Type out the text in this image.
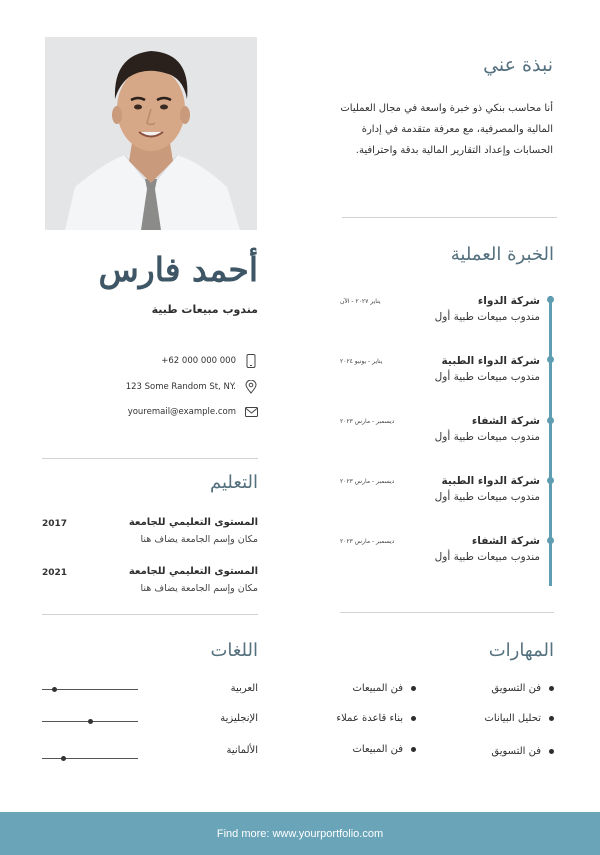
أحمد فارس
مندوب مبيعات طبية
+62 000 000 000
123 Some Random St, NY.
youremail@example.com
التعليم
2017	المستوى التعليمي للجامعة
مكان وإسم الجامعة يضاف هنا
2021	المستوى التعليمي للجامعة
مكان وإسم الجامعة يضاف هنا
نبذة عني
أنا محاسب بنكي ذو خبرة واسعة في مجال العمليات المالية والمصرفية، مع معرفة متقدمة في إدارة الحسابات وإعداد التقارير المالية بدقة واحترافية.
الخبرة العملية
يناير ٢٠٢٧ - الآن	شركة الدواء
مندوب مبيعات طبية أول
يناير - يونيو ٢٠٢٤	شركة الدواء الطبية
مندوب مبيعات طبية أول
ديسمبر - مارس ٢٠٢٣	شركة الشفاء
مندوب مبيعات طبية أول
ديسمبر - مارس ٢٠٢٣	شركة الدواء الطبية
مندوب مبيعات طبية أول
ديسمبر - مارس ٢٠٢٣	شركة الشفاء
مندوب مبيعات طبية أول
المهارات
فن التسويق
تحليل البيانات
فن التسويق
فن المبيعات
بناء قاعدة عملاء
فن المبيعات
اللغات
العربية
الإنجليزية
الألمانية
Find more: www.yourportfolio.com
